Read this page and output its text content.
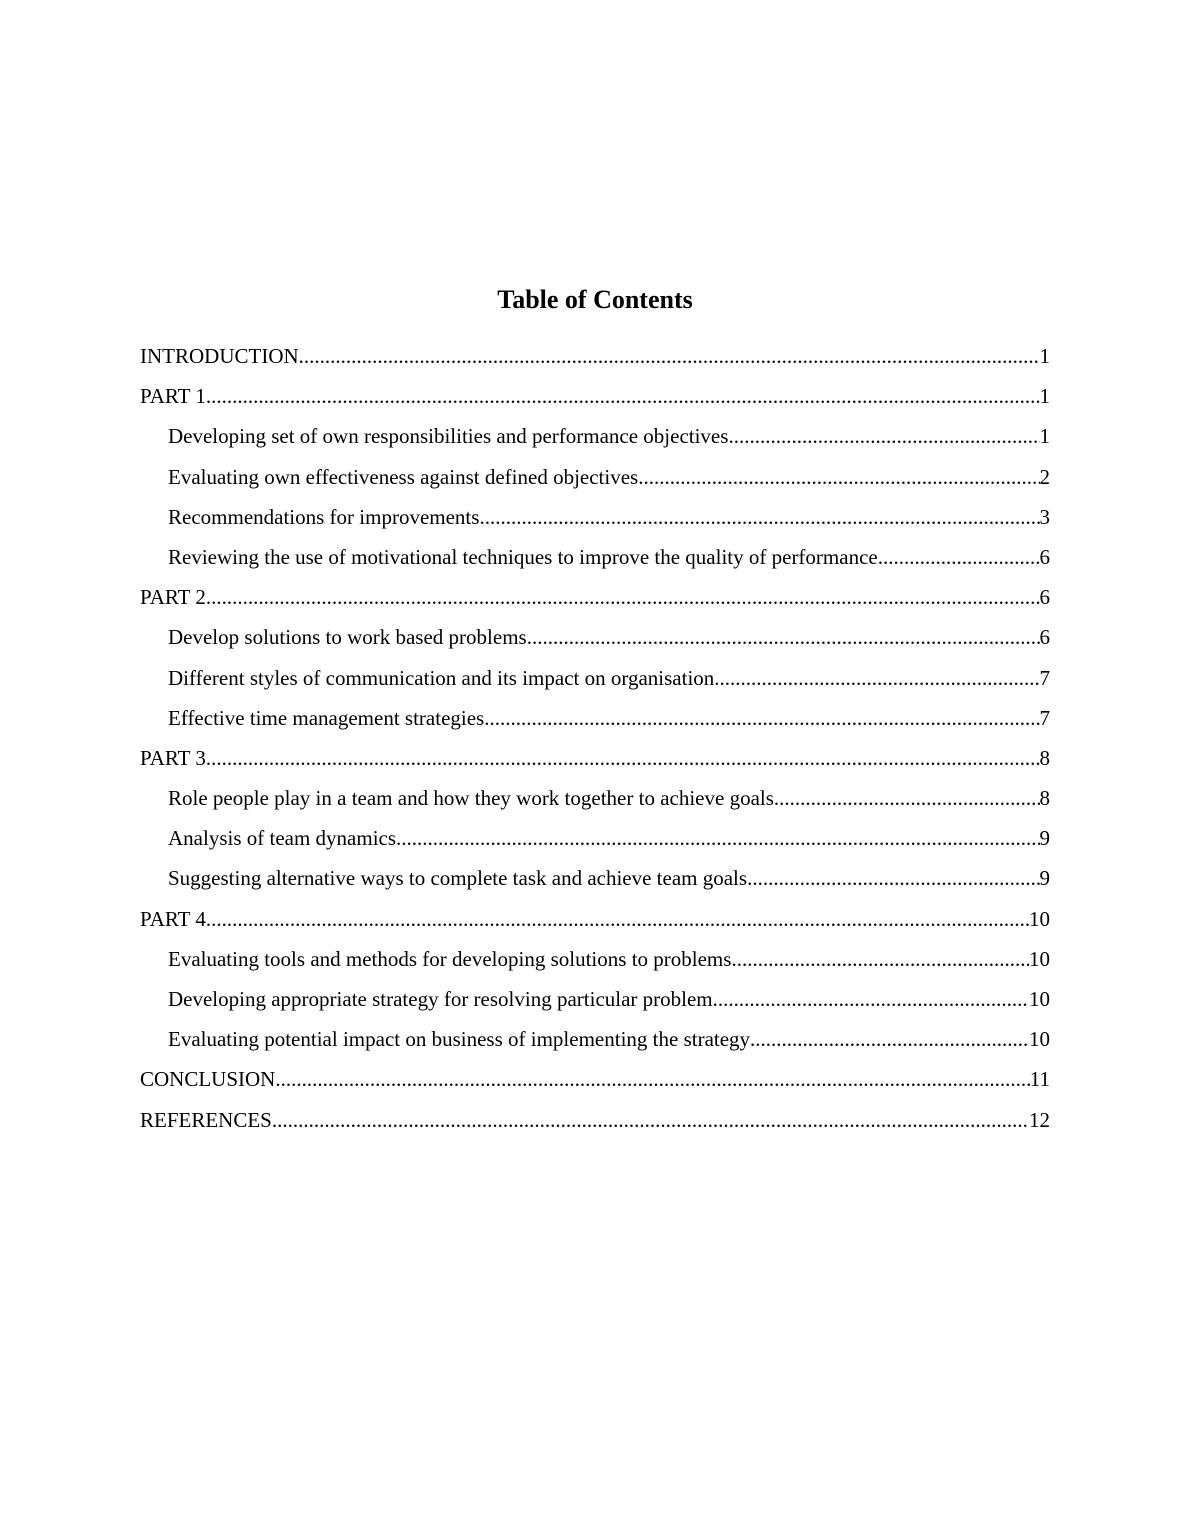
Table of Contents
INTRODUCTION .....	1
PART 1 .....	1
Developing set of own responsibilities and performance objectives .....	1
Evaluating own effectiveness against defined objectives .....	2
Recommendations for improvements .....	3
Reviewing the use of motivational techniques to improve the quality of performance .....	6
PART 2 .....	6
Develop solutions to work based problems .....	6
Different styles of communication and its impact on organisation .....	7
Effective time management strategies .....	7
PART 3 .....	8
Role people play in a team and how they work together to achieve goals .....	8
Analysis of team dynamics .....	9
Suggesting alternative ways to complete task and achieve team goals .....	9
PART 4 .....	10
Evaluating tools and methods for developing solutions to problems .....	10
Developing appropriate strategy for resolving particular problem .....	10
Evaluating potential impact on business of implementing the strategy .....	10
CONCLUSION .....	11
REFERENCES .....	12
